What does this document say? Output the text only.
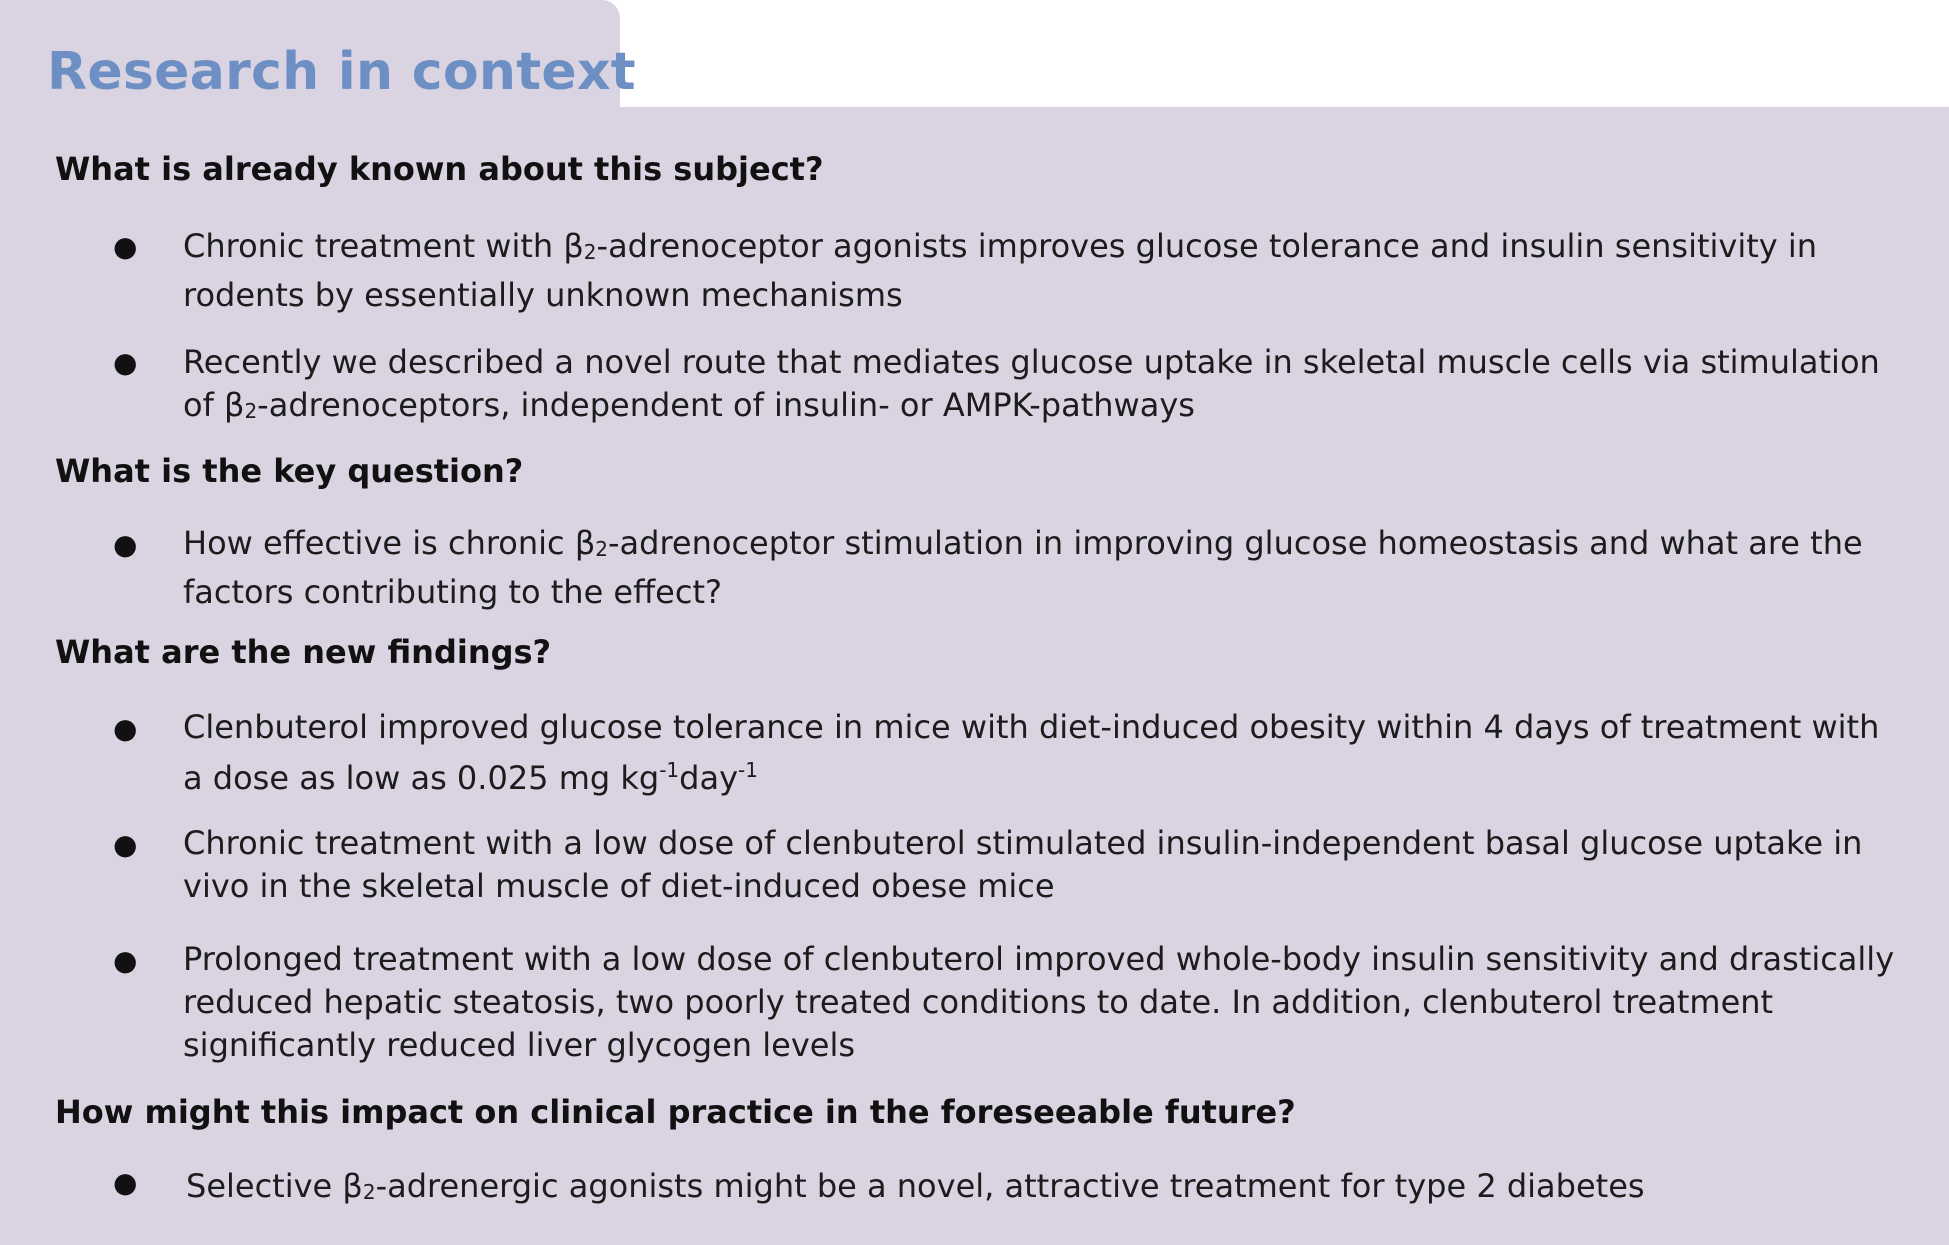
Research in context
What is already known about this subject?
● Chronic treatment with $\beta_2$-adrenoceptor agonists improves glucose tolerance and insulin sensitivity in rodents by essentially unknown mechanisms
● Recently we described a novel route that mediates glucose uptake in skeletal muscle cells via stimulation of $\beta_2$-adrenoceptors, independent of insulin- or AMPK-pathways
What is the key question?
● How effective is chronic $\beta_2$-adrenoceptor stimulation in improving glucose homeostasis and what are the factors contributing to the effect?
What are the new findings?
● Clenbuterol improved glucose tolerance in mice with diet-induced obesity within 4 days of treatment with a dose as low as 0.025 mg $kg^{-1}day^{-1}$
● Chronic treatment with a low dose of clenbuterol stimulated insulin-independent basal glucose uptake in vivo in the skeletal muscle of diet-induced obese mice
● Prolonged treatment with a low dose of clenbuterol improved whole-body insulin sensitivity and drastically reduced hepatic steatosis, two poorly treated conditions to date. In addition, clenbuterol treatment significantly reduced liver glycogen levels
How might this impact on clinical practice in the foreseeable future?
● Selective $\beta_2$-adrenergic agonists might be a novel, attractive treatment for type 2 diabetes
